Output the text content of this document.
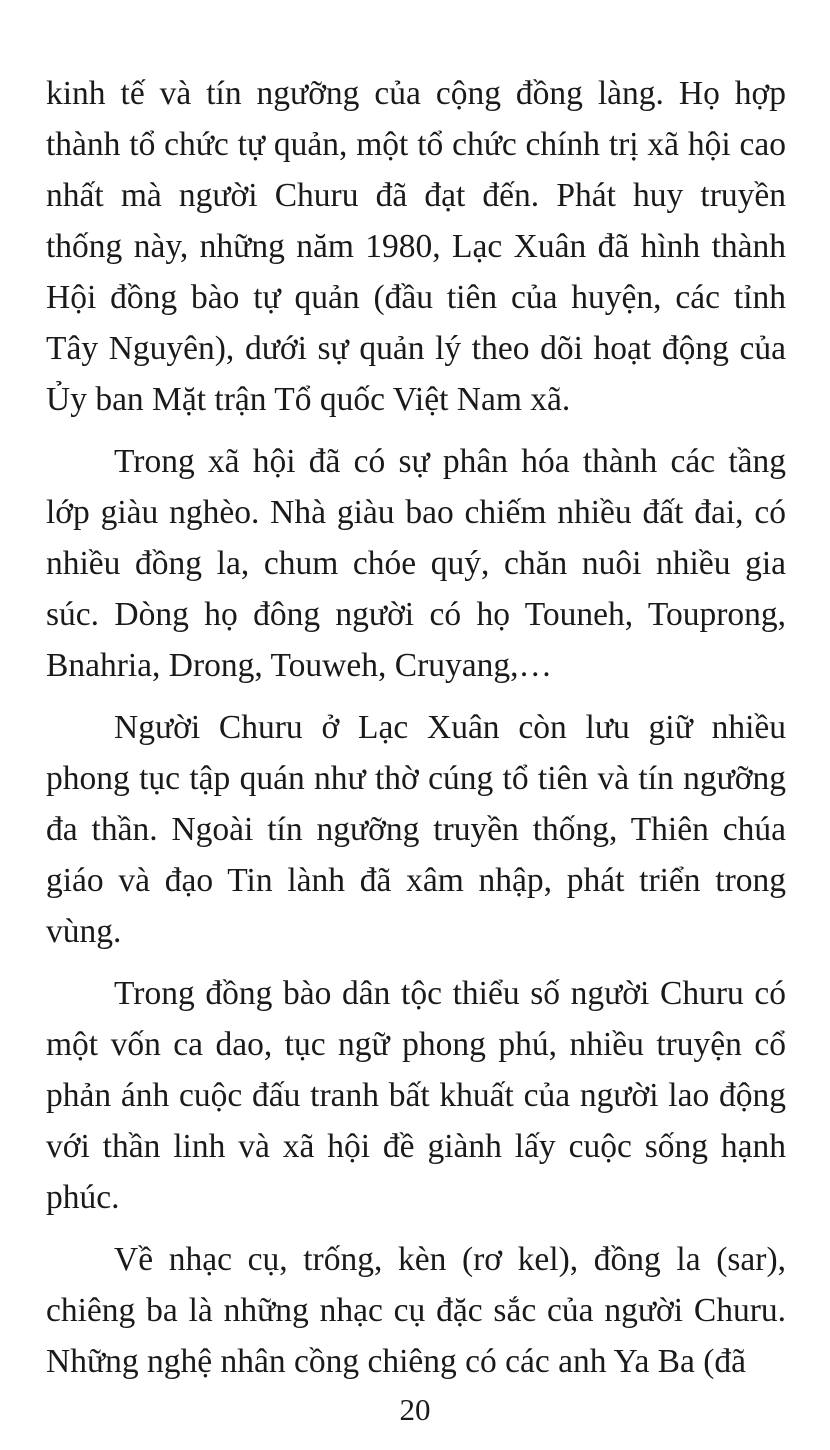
kinh tế và tín ngưỡng của cộng đồng làng. Họ hợp thành tổ chức tự quản, một tổ chức chính trị xã hội cao nhất mà người Churu đã đạt đến. Phát huy truyền thống này, những năm 1980, Lạc Xuân đã hình thành Hội đồng bào tự quản (đầu tiên của huyện, các tỉnh Tây Nguyên), dưới sự quản lý theo dõi hoạt động của Ủy ban Mặt trận Tổ quốc Việt Nam xã.

Trong xã hội đã có sự phân hóa thành các tầng lớp giàu nghèo. Nhà giàu bao chiếm nhiều đất đai, có nhiều đồng la, chum chóe quý, chăn nuôi nhiều gia súc. Dòng họ đông người có họ Touneh, Touprong, Bnahria, Drong, Touweh, Cruyang,…

Người Churu ở Lạc Xuân còn lưu giữ nhiều phong tục tập quán như thờ cúng tổ tiên và tín ngưỡng đa thần. Ngoài tín ngưỡng truyền thống, Thiên chúa giáo và đạo Tin lành đã xâm nhập, phát triển trong vùng.

Trong đồng bào dân tộc thiểu số người Churu có một vốn ca dao, tục ngữ phong phú, nhiều truyện cổ phản ánh cuộc đấu tranh bất khuất của người lao động với thần linh và xã hội đề giành lấy cuộc sống hạnh phúc.

Về nhạc cụ, trống, kèn (rơ kel), đồng la (sar), chiêng ba là những nhạc cụ đặc sắc của người Churu. Những nghệ nhân cồng chiêng có các anh Ya Ba (đã

20
